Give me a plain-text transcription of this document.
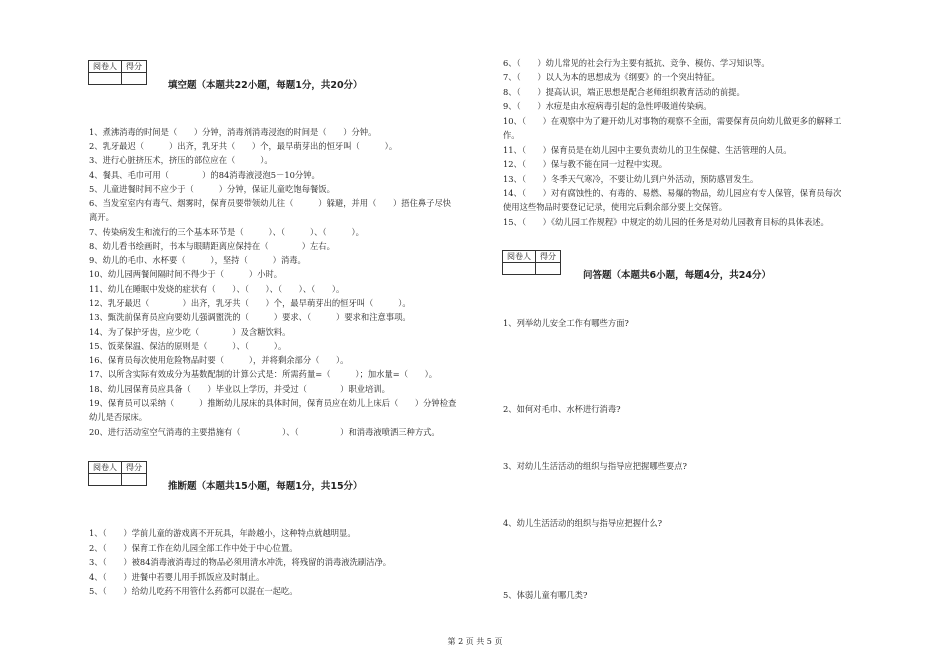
阅卷人	得分

填空题（本题共22小题，每题1分，共20分）
1、煮沸消毒的时间是（　　）分钟，消毒剂消毒浸泡的时间是（　　）分钟。
2、乳牙最迟（　　　）出齐，乳牙共（　　）个，最早萌芽出的恒牙叫（　　　）。
3、进行心脏挤压术，挤压的部位应在（　　　）。
4、餐具、毛巾可用（　　　　）的84消毒液浸泡5－10分钟。
5、儿童进餐时间不应少于（　　　）分钟，保证儿童吃饱每餐饭。
6、当发室室内有毒气、烟雾时，保育员要带领幼儿往（　　　）躲避，并用（　　）捂住鼻子尽快
离开。
7、传染病发生和流行的三个基本环节是（　　　）、（　　　）、（　　　）。
8、幼儿看书绘画时，书本与眼睛距离应保持在（　　　　）左右。
9、幼儿的毛巾、水杯要（　　　），坚持（　　　）消毒。
10、幼儿园两餐间隔时间不得少于（　　　）小时。
11、幼儿在睡眠中发烧的症状有（　　）、（　　）、（　　）、（　　）。
12、乳牙最迟（　　　　）出齐，乳牙共（　　）个，最早萌芽出的恒牙叫（　　　）。
13、甄洗前保育员应向要幼儿强调盥洗的（　　　）要求、（　　　）要求和注意事项。
14、为了保护牙齿，应少吃（　　　　）及含糖饮料。
15、饭菜保温、保洁的原则是（　　　）、（　　　）。
16、保育员每次使用危险物品时要（　　　），并将剩余部分（　　）。
17、以所含实际有效成分为基数配制的计算公式是：所需药量=（　　　）；加水量=（　　）。
18、幼儿园保育员应具备（　　）毕业以上学历，并受过（　　　　）职业培训。
19、保育员可以采纳（　　　）推断幼儿尿床的具体时间，保育员应在幼儿上床后（　　）分钟检查
幼儿是否尿床。
20、进行活动室空气消毒的主要措施有（　　　　　）、（　　　　　）和消毒液喷洒三种方式。
阅卷人	得分

推断题（本题共15小题，每题1分，共15分）
1、（　　）学前儿童的游戏离不开玩具，年龄越小，这种特点就越明显。
2、（　　）保育工作在幼儿园全部工作中处于中心位置。
3、（　　）被84消毒液消毒过的物品必须用清水冲洗，将残留的消毒液洗刷洁净。
4、（　　）进餐中若婴儿用手抓饭应及时制止。
5、（　　）给幼儿吃药不用管什么药都可以混在一起吃。
6、（　　）幼儿常见的社会行为主要有抵抗、竞争、模仿、学习知识等。
7、（　　）以人为本的思想成为《纲要》的一个突出特征。
8、（　　）提高认识，端正思想是配合老师组织教育活动的前提。
9、（　　）水痘是由水痘病毒引起的急性呼吸道传染病。
10、（　　）在观察中为了避开幼儿对事物的观察不全面，需要保育员向幼儿做更多的解释工
作。
11、（　　）保育员是在幼儿园中主要负责幼儿的卫生保健、生活管理的人员。
12、（　　）保与教不能在同一过程中实现。
13、（　　）冬季天气寒冷，不要让幼儿到户外活动，预防感冒发生。
14、（　　）对有腐蚀性的、有毒的、易燃、易爆的物品，幼儿园应有专人保管，保育员每次
使用这些物品时要登记记录，使用完后剩余部分要上交保管。
15、（　　）《幼儿园工作规程》中规定的幼儿园的任务是对幼儿园教育目标的具体表述。
阅卷人	得分

问答题（本题共6小题，每题4分，共24分）
1、列举幼儿安全工作有哪些方面?
2、如何对毛巾、水杯进行消毒?
3、对幼儿生活活动的组织与指导应把握哪些要点?
4、幼儿生活活动的组织与指导应把握什么?
5、体弱儿童有哪几类?
第 2 页 共 5 页
